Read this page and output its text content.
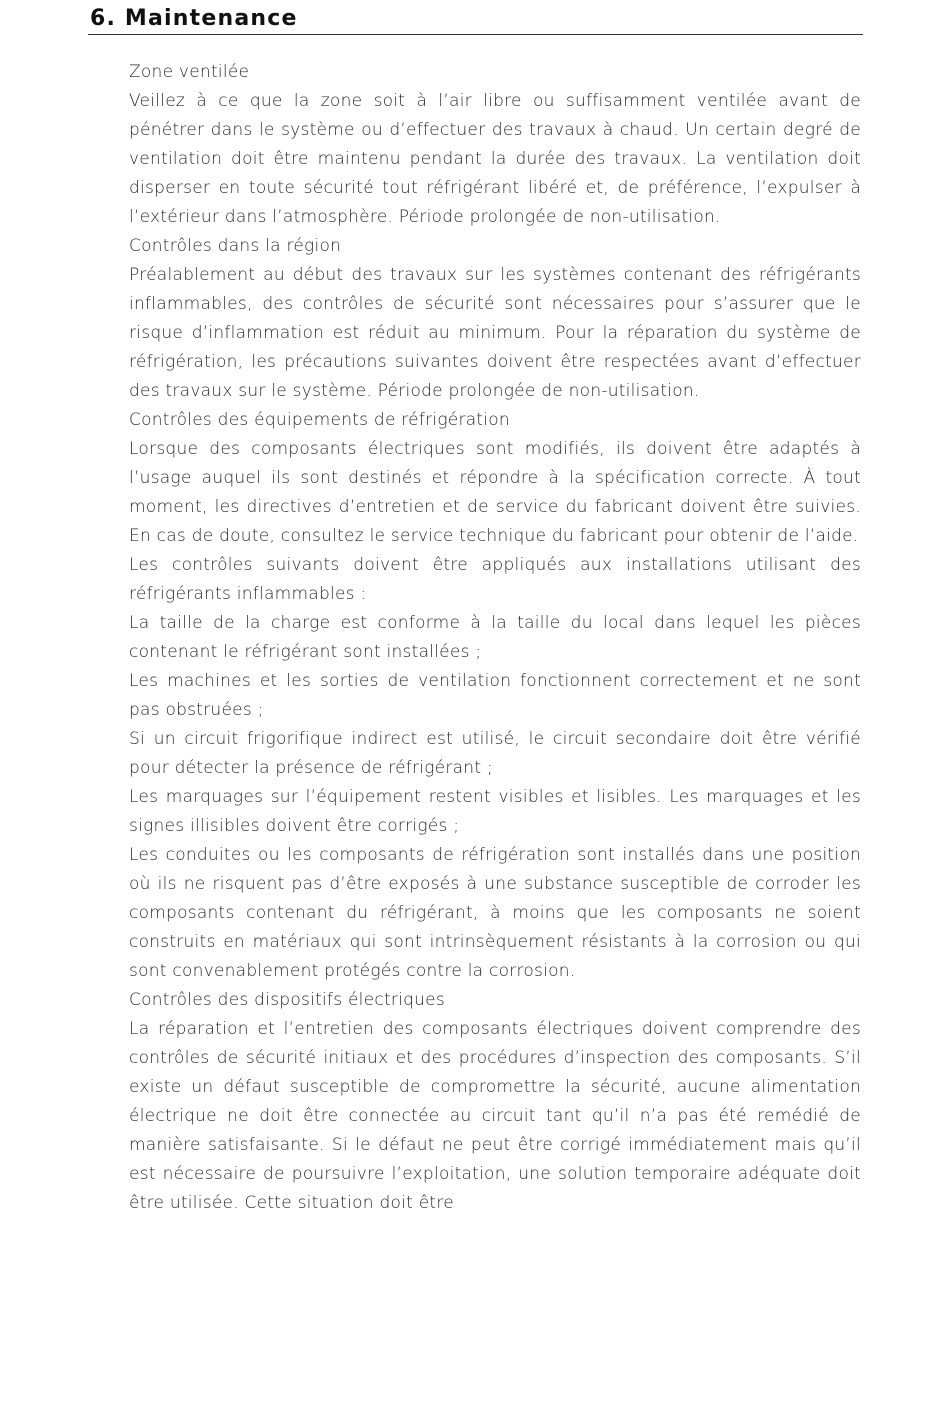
6. Maintenance

Zone ventilée

Veillez à ce que la zone soit à l’air libre ou suffisamment ventilée avant de pénétrer dans le système ou d’effectuer des travaux à chaud. Un certain degré de ventilation doit être maintenu pendant la durée des travaux. La ventilation doit disperser en toute sécurité tout réfrigérant libéré et, de préférence, l’expulser à l’extérieur dans l’atmosphère. Période prolongée de non-utilisation.

Contrôles dans la région

Préalablement au début des travaux sur les systèmes contenant des réfrigérants inflammables, des contrôles de sécurité sont nécessaires pour s’assurer que le risque d’inflammation est réduit au minimum. Pour la réparation du système de réfrigération, les précautions suivantes doivent être respectées avant d’effectuer des travaux sur le système. Période prolongée de non-utilisation.

Contrôles des équipements de réfrigération

Lorsque des composants électriques sont modifiés, ils doivent être adaptés à l’usage auquel ils sont destinés et répondre à la spécification correcte. À tout moment, les directives d’entretien et de service du fabricant doivent être suivies. En cas de doute, consultez le service technique du fabricant pour obtenir de l’aide.

Les contrôles suivants doivent être appliqués aux installations utilisant des réfrigérants inflammables :

La taille de la charge est conforme à la taille du local dans lequel les pièces contenant le réfrigérant sont installées ;

Les machines et les sorties de ventilation fonctionnent correctement et ne sont pas obstruées ;

Si un circuit frigorifique indirect est utilisé, le circuit secondaire doit être vérifié pour détecter la présence de réfrigérant ;

Les marquages sur l’équipement restent visibles et lisibles. Les marquages et les signes illisibles doivent être corrigés ;

Les conduites ou les composants de réfrigération sont installés dans une position où ils ne risquent pas d’être exposés à une substance susceptible de corroder les composants contenant du réfrigérant, à moins que les composants ne soient construits en matériaux qui sont intrinsèquement résistants à la corrosion ou qui sont convenablement protégés contre la corrosion.

Contrôles des dispositifs électriques

La réparation et l’entretien des composants électriques doivent comprendre des contrôles de sécurité initiaux et des procédures d’inspection des composants. S’il existe un défaut susceptible de compromettre la sécurité, aucune alimentation électrique ne doit être connectée au circuit tant qu’il n’a pas été remédié de manière satisfaisante. Si le défaut ne peut être corrigé immédiatement mais qu’il est nécessaire de poursuivre l’exploitation, une solution temporaire adéquate doit être utilisée. Cette situation doit être
